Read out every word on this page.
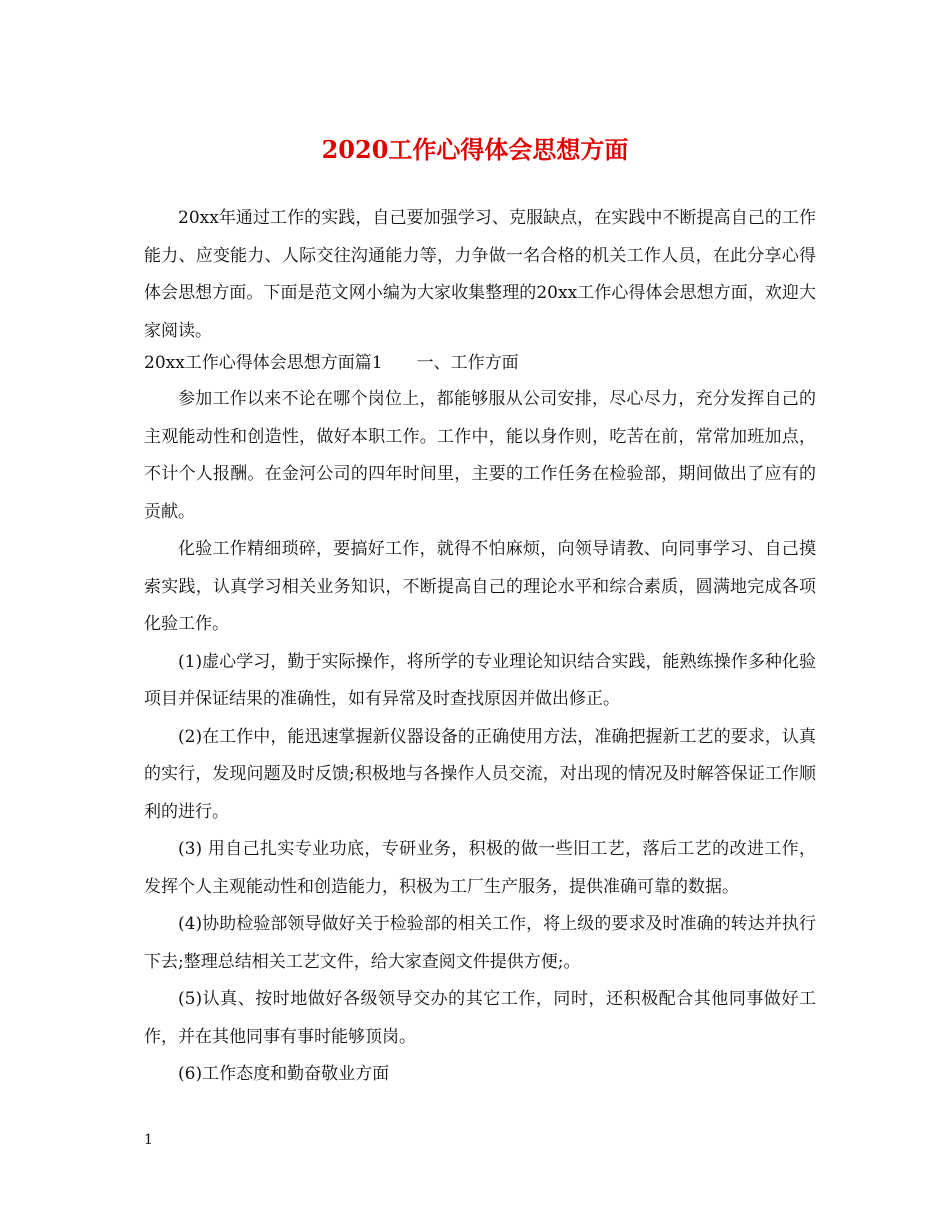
2020工作心得体会思想方面

20xx年通过工作的实践，自己要加强学习、克服缺点，在实践中不断提高自己的工作能力、应变能力、人际交往沟通能力等，力争做一名合格的机关工作人员，在此分享心得体会思想方面。下面是范文网小编为大家收集整理的20xx工作心得体会思想方面，欢迎大家阅读。

20xx工作心得体会思想方面篇1　　一、工作方面

参加工作以来不论在哪个岗位上，都能够服从公司安排，尽心尽力，充分发挥自己的主观能动性和创造性，做好本职工作。工作中，能以身作则，吃苦在前，常常加班加点，不计个人报酬。在金河公司的四年时间里，主要的工作任务在检验部，期间做出了应有的贡献。

化验工作精细琐碎，要搞好工作，就得不怕麻烦，向领导请教、向同事学习、自己摸索实践，认真学习相关业务知识，不断提高自己的理论水平和综合素质，圆满地完成各项化验工作。

(1)虚心学习，勤于实际操作，将所学的专业理论知识结合实践，能熟练操作多种化验项目并保证结果的准确性，如有异常及时查找原因并做出修正。

(2)在工作中，能迅速掌握新仪器设备的正确使用方法，准确把握新工艺的要求，认真的实行，发现问题及时反馈;积极地与各操作人员交流，对出现的情况及时解答保证工作顺利的进行。

(3) 用自己扎实专业功底，专研业务，积极的做一些旧工艺，落后工艺的改进工作，发挥个人主观能动性和创造能力，积极为工厂生产服务，提供准确可靠的数据。

(4)协助检验部领导做好关于检验部的相关工作，将上级的要求及时准确的转达并执行下去;整理总结相关工艺文件，给大家查阅文件提供方便;。

(5)认真、按时地做好各级领导交办的其它工作，同时，还积极配合其他同事做好工作，并在其他同事有事时能够顶岗。

(6)工作态度和勤奋敬业方面

1
